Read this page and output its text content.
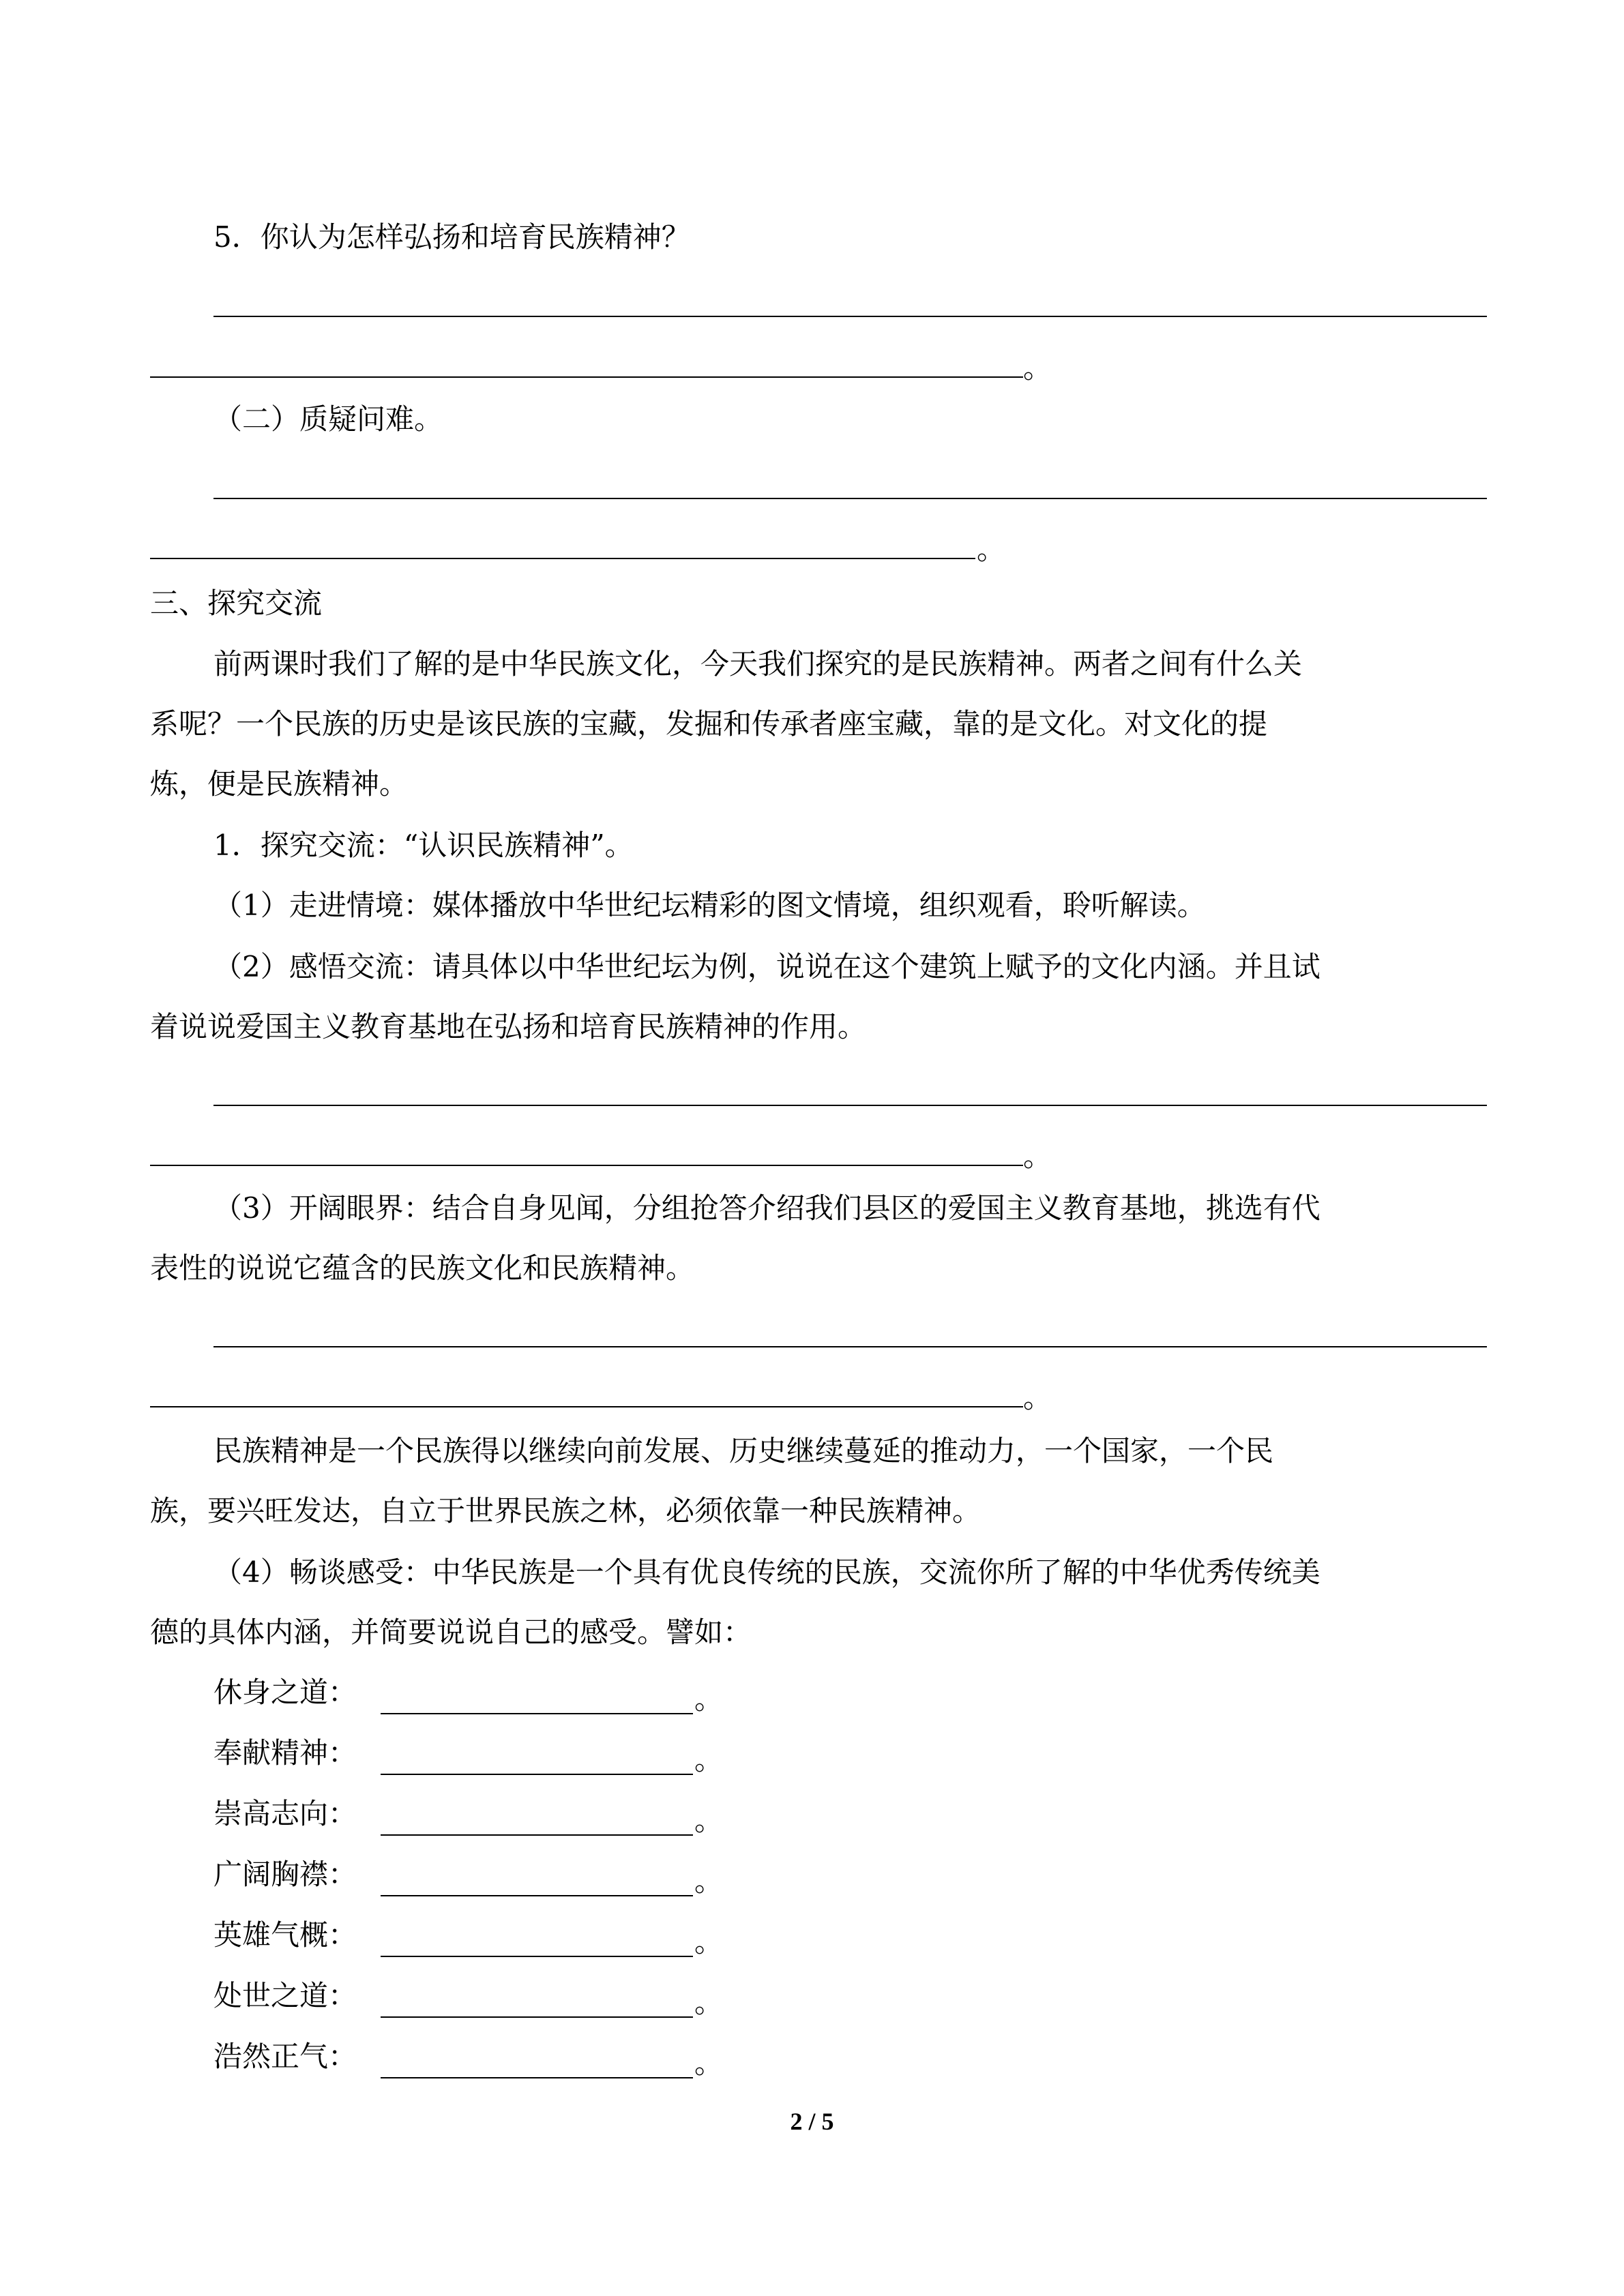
5．你认为怎样弘扬和培育民族精神？
。
（二）质疑问难。
。
三、探究交流
前两课时我们了解的是中华民族文化，今天我们探究的是民族精神。两者之间有什么关
系呢？一个民族的历史是该民族的宝藏，发掘和传承者座宝藏，靠的是文化。对文化的提
炼，便是民族精神。
1．探究交流：“认识民族精神”。
（1）走进情境：媒体播放中华世纪坛精彩的图文情境，组织观看，聆听解读。
（2）感悟交流：请具体以中华世纪坛为例，说说在这个建筑上赋予的文化内涵。并且试
着说说爱国主义教育基地在弘扬和培育民族精神的作用。
。
（3）开阔眼界：结合自身见闻，分组抢答介绍我们县区的爱国主义教育基地，挑选有代
表性的说说它蕴含的民族文化和民族精神。
。
民族精神是一个民族得以继续向前发展、历史继续蔓延的推动力，一个国家，一个民
族，要兴旺发达，自立于世界民族之林，必须依靠一种民族精神。
（4）畅谈感受：中华民族是一个具有优良传统的民族，交流你所了解的中华优秀传统美
德的具体内涵，并简要说说自己的感受。譬如：
休身之道：	。
奉献精神：	。
崇高志向：	。
广阔胸襟：	。
英雄气概：	。
处世之道：	。
浩然正气：	。
2 / 5
